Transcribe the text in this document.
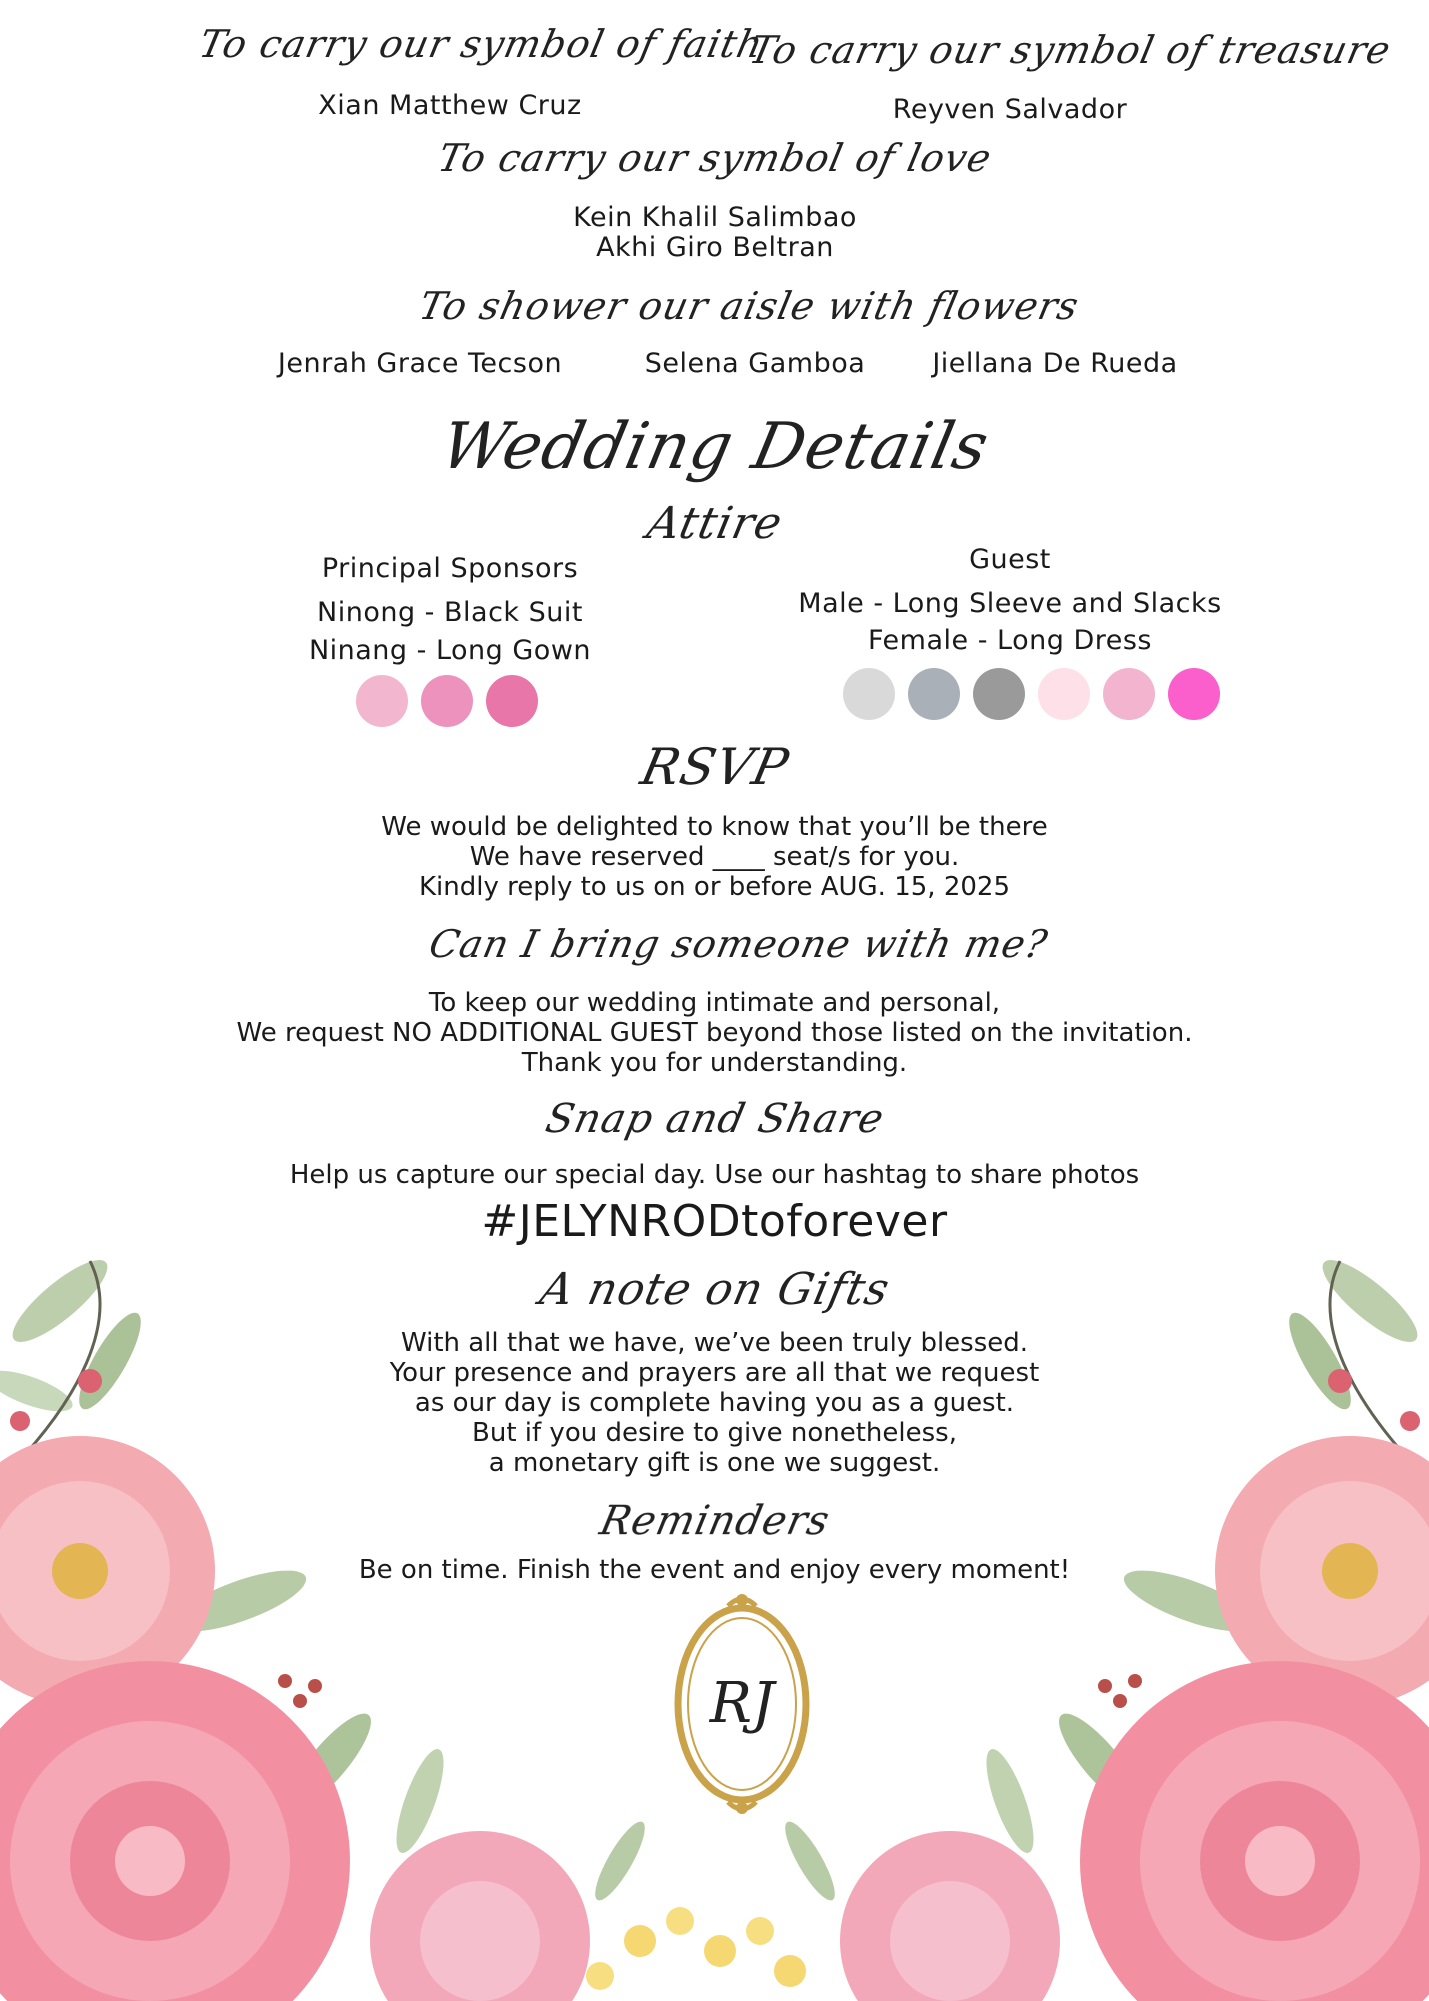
To carry our symbol of faith
Xian Matthew Cruz
To carry our symbol of treasure
Reyven Salvador
To carry our symbol of love
Kein Khalil Salimbao
Akhi Giro Beltran
To shower our aisle with flowers
Jenrah Grace Tecson	Selena Gamboa	Jiellana De Rueda
Wedding Details
Attire
Principal Sponsors
Ninong - Black Suit
Ninang - Long Gown
Guest
Male - Long Sleeve and Slacks
Female - Long Dress
RSVP
We would be delighted to know that you’ll be there
We have reserved ____ seat/s for you.
Kindly reply to us on or before AUG. 15, 2025
Can I bring someone with me?
To keep our wedding intimate and personal,
We request NO ADDITIONAL GUEST beyond those listed on the invitation.
Thank you for understanding.
Snap and Share
Help us capture our special day. Use our hashtag to share photos
#JELYNRODtoforever
A note on Gifts
With all that we have, we’ve been truly blessed.
Your presence and prayers are all that we request
as our day is complete having you as a guest.
But if you desire to give nonetheless,
a monetary gift is one we suggest.
Reminders
Be on time. Finish the event and enjoy every moment!
RJ
